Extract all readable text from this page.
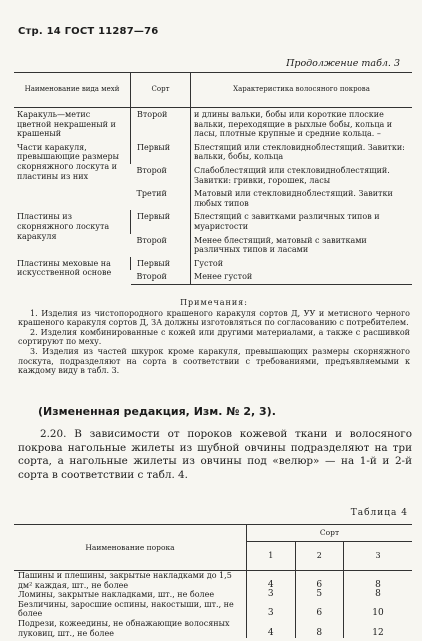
Стр. 14 ГОСТ 11287—76
Продолжение табл. 3
Наименование вида мехй	Сорт	Характеристика волосяного покрова
Каракуль—метис цветной некрашеный и крашеный	Второй	и длины вальки, бобы или короткие плоские вальки, переходящие в рыхлые бобы, кольца и ласы, плотные крупные и средние кольца. –
Части каракуля, превышающие размеры скорняжного лоскута и пластины из них	Первый	Блестящий или стекловидноблестящий. Завитки: вальки, бобы, кольца
	Второй	Слабоблестящий или стекловидноблестящий. Завитки: гривки, горошек, ласы
	Третий	Матовый или стекловидноблестящий. Завитки любых типов
Пластины из скорняжного лоскута каракуля	Первый	Блестящий с завитками различных типов и муаристости
	Второй	Менее блестящий, матовый с завитками различных типов и ласами
Пластины меховые на искусственной основе	Первый	Густой
	Второй	Менее густой
Примечания:
1. Изделия из чистопородного крашеного каракуля сортов Д, УУ и метисного черного крашеного каракуля сортов Д, ЗА должны изготовляться по согласованию с потребителем.
2. Изделия комбинированные с кожей или другими материалами, а также с расшивкой сортируют по меху.
3. Изделия из частей шкурок кроме каракуля, превышающих размеры скорняжного лоскута, подразделяют на сорта в соответствии с требованиями, предъявляемыми к каждому виду в табл. 3.
(Измененная редакция, Изм. № 2, 3).
2.20. В зависимости от пороков кожевой ткани и волосяного покрова нагольные жилеты из шубной овчины подразделяют на три сорта, а нагольные жилеты из овчины под «велюр» — на 1-й и 2-й сорта в соответствии с табл. 4.
Таблица 4
Наименование порока	Сорт		
	1	2	3
Пашины и плешины, закрытые накладками до 1,5 дм² каждая, шт., не более	4	6	8
Ломины, закрытые накладками, шт., не более	3	5	8
Безличины, заросшие оспины, накостыши, шт., не более	3	6	10
Подрези, кожеедины, не обнажающие волосяных луковиц, шт., не более	4	8	12
